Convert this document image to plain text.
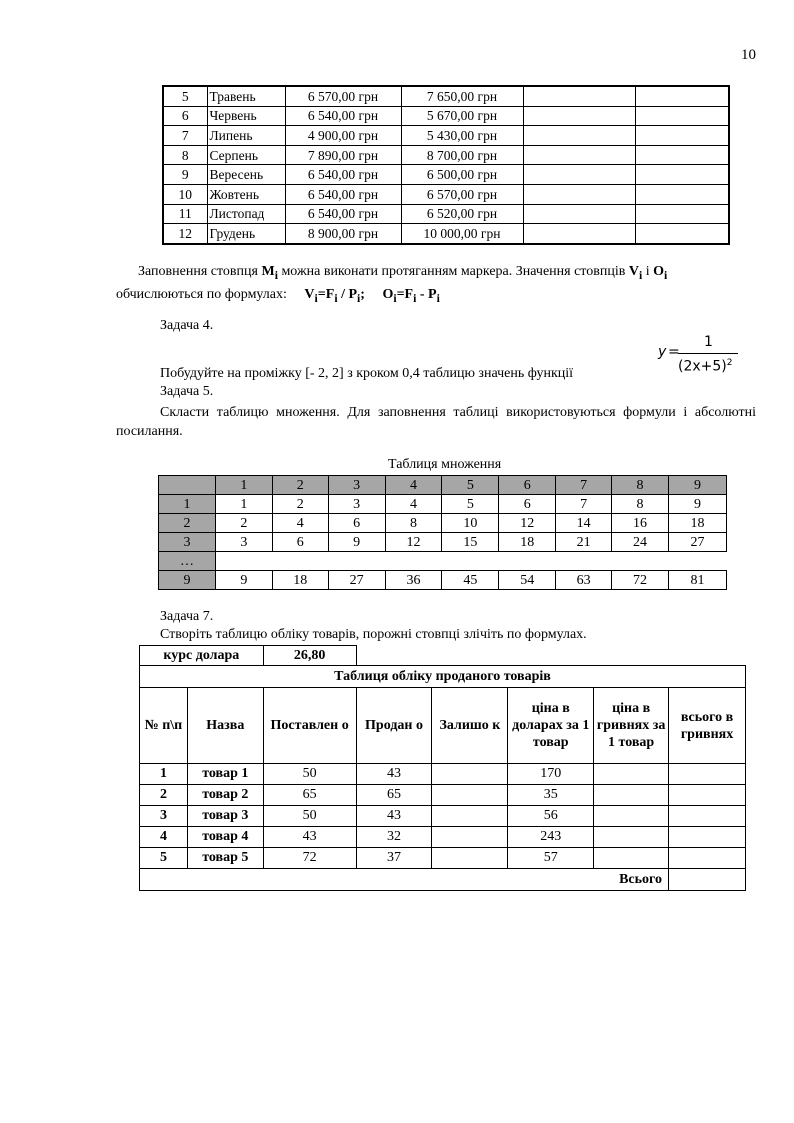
10
5	Травень	6 570,00 грн	7 650,00 грн		
6	Червень	6 540,00 грн	5 670,00 грн		
7	Липень	4 900,00 грн	5 430,00 грн		
8	Серпень	7 890,00 грн	8 700,00 грн		
9	Вересень	6 540,00 грн	6 500,00 грн		
10	Жовтень	6 540,00 грн	6 570,00 грн		
11	Листопад	6 540,00 грн	6 520,00 грн		
12	Грудень	8 900,00 грн	10 000,00 грн		

Заповнення стовпця $M_i$ можна виконати протяганням маркера. Значення стовпців $V_i$ і $O_i$

обчислюються по формулах: $V_i=F_i / P_i$; $O_i=F_i - P_i$

Задача 4.
y =
1
$(2x+5)^2$
Побудуйте на проміжку [- 2, 2] з кроком 0,4 таблицю значень функції
Задача 5.
Скласти таблицю множення. Для заповнення таблиці використовуються формули і абсолютні посилання.
Таблиця множення
	1	2	3	4	5	6	7	8	9
1	1	2	3	4	5	6	7	8	9
2	2	4	6	8	10	12	14	16	18
3	3	6	9	12	15	18	21	24	27
…									
9	9	18	27	36	45	54	63	72	81
Задача 7.
Створіть таблицю обліку товарів, порожні стовпці злічіть по формулах.
курс долара		26,80					
Таблиця обліку проданого товарів							
№ п\п	Назва	Поставлен о	Продан о	Залишо к	ціна в доларах за 1 товар	ціна в гривнях за 1 товар	всього в гривнях
1	товар 1	50	43		170		
2	товар 2	65	65		35		
3	товар 3	50	43		56		
4	товар 4	43	32		243		
5	товар 5	72	37		57		
Всього							
